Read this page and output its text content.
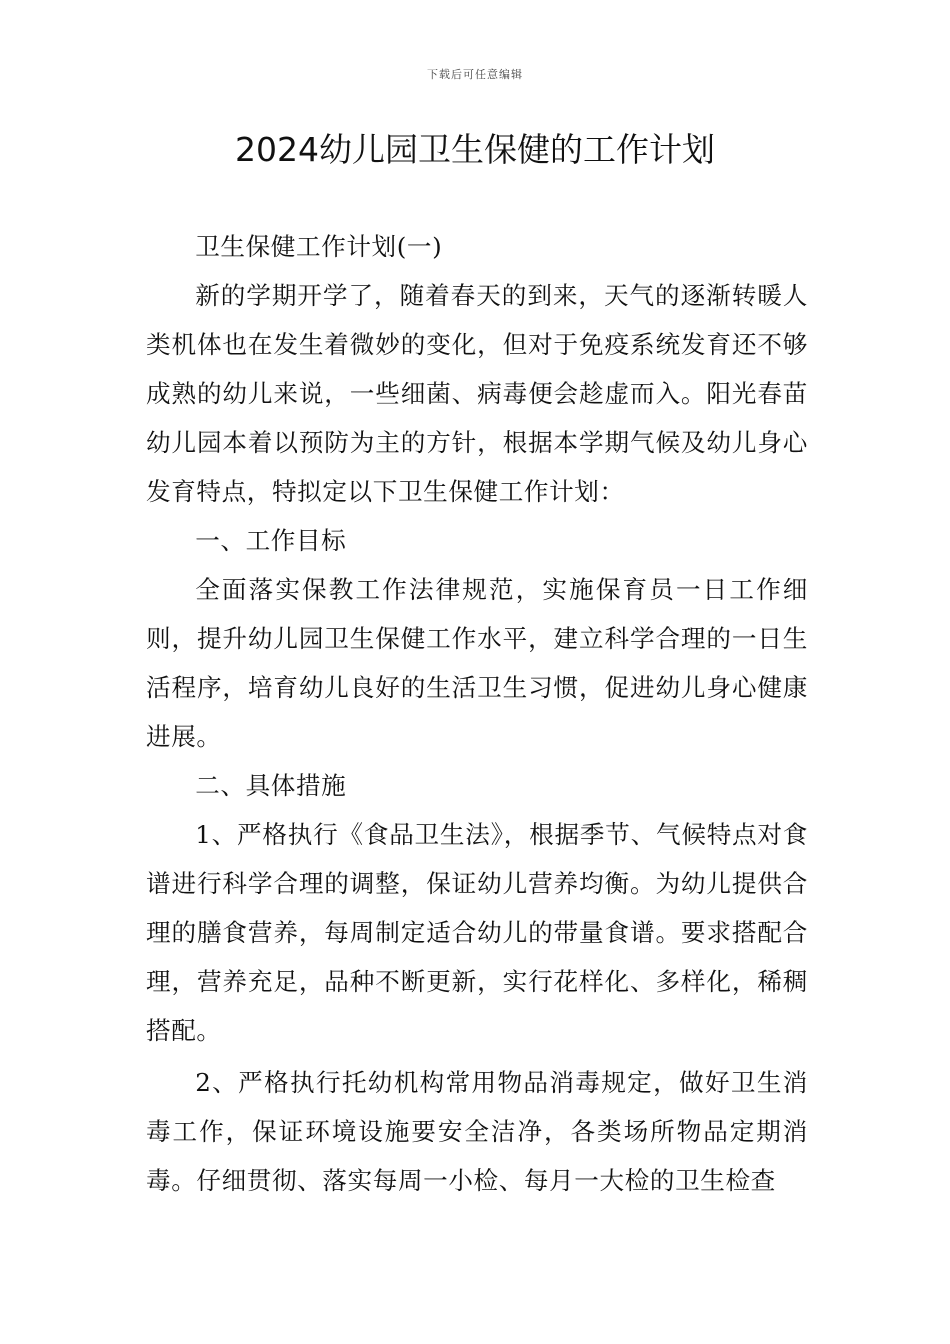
下载后可任意编辑
2024幼儿园卫生保健的工作计划

卫生保健工作计划(一)

新的学期开学了，随着春天的到来，天气的逐渐转暖人类机体也在发生着微妙的变化，但对于免疫系统发育还不够成熟的幼儿来说，一些细菌、病毒便会趁虚而入。阳光春苗幼儿园本着以预防为主的方针，根据本学期气候及幼儿身心发育特点，特拟定以下卫生保健工作计划：

一、工作目标

全面落实保教工作法律规范，实施保育员一日工作细则，提升幼儿园卫生保健工作水平，建立科学合理的一日生活程序，培育幼儿良好的生活卫生习惯，促进幼儿身心健康进展。

二、具体措施

1、严格执行《食品卫生法》，根据季节、气候特点对食谱进行科学合理的调整，保证幼儿营养均衡。为幼儿提供合理的膳食营养，每周制定适合幼儿的带量食谱。要求搭配合理，营养充足，品种不断更新，实行花样化、多样化，稀稠搭配。

2、严格执行托幼机构常用物品消毒规定，做好卫生消毒工作，保证环境设施要安全洁净，各类场所物品定期消毒。仔细贯彻、落实每周一小检、每月一大检的卫生检查
